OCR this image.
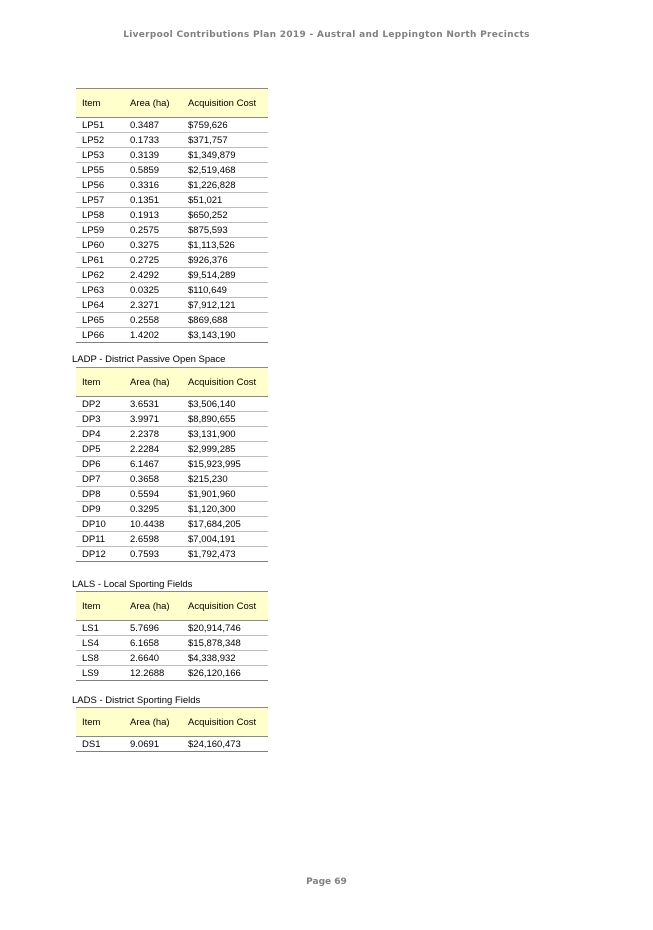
Liverpool Contributions Plan 2019 - Austral and Leppington North Precincts
Item	Area (ha)	Acquisition Cost
LP51	0.3487	$759,626
LP52	0.1733	$371,757
LP53	0.3139	$1,349,879
LP55	0.5859	$2,519,468
LP56	0.3316	$1,226,828
LP57	0.1351	$51,021
LP58	0.1913	$650,252
LP59	0.2575	$875,593
LP60	0.3275	$1,113,526
LP61	0.2725	$926,376
LP62	2.4292	$9,514,289
LP63	0.0325	$110,649
LP64	2.3271	$7,912,121
LP65	0.2558	$869,688
LP66	1.4202	$3,143,190
LADP - District Passive Open Space
Item	Area (ha)	Acquisition Cost
DP2	3.6531	$3,506,140
DP3	3.9971	$8,890,655
DP4	2.2378	$3,131,900
DP5	2.2284	$2,999,285
DP6	6.1467	$15,923,995
DP7	0.3658	$215,230
DP8	0.5594	$1,901,960
DP9	0.3295	$1,120,300
DP10	10.4438	$17,684,205
DP11	2.6598	$7,004,191
DP12	0.7593	$1,792,473
LALS - Local Sporting Fields
Item	Area (ha)	Acquisition Cost
LS1	5.7696	$20,914,746
LS4	6.1658	$15,878,348
LS8	2.6640	$4,338,932
LS9	12.2688	$26,120,166
LADS - District Sporting Fields
Item	Area (ha)	Acquisition Cost
DS1	9.0691	$24,160,473
Page 69
